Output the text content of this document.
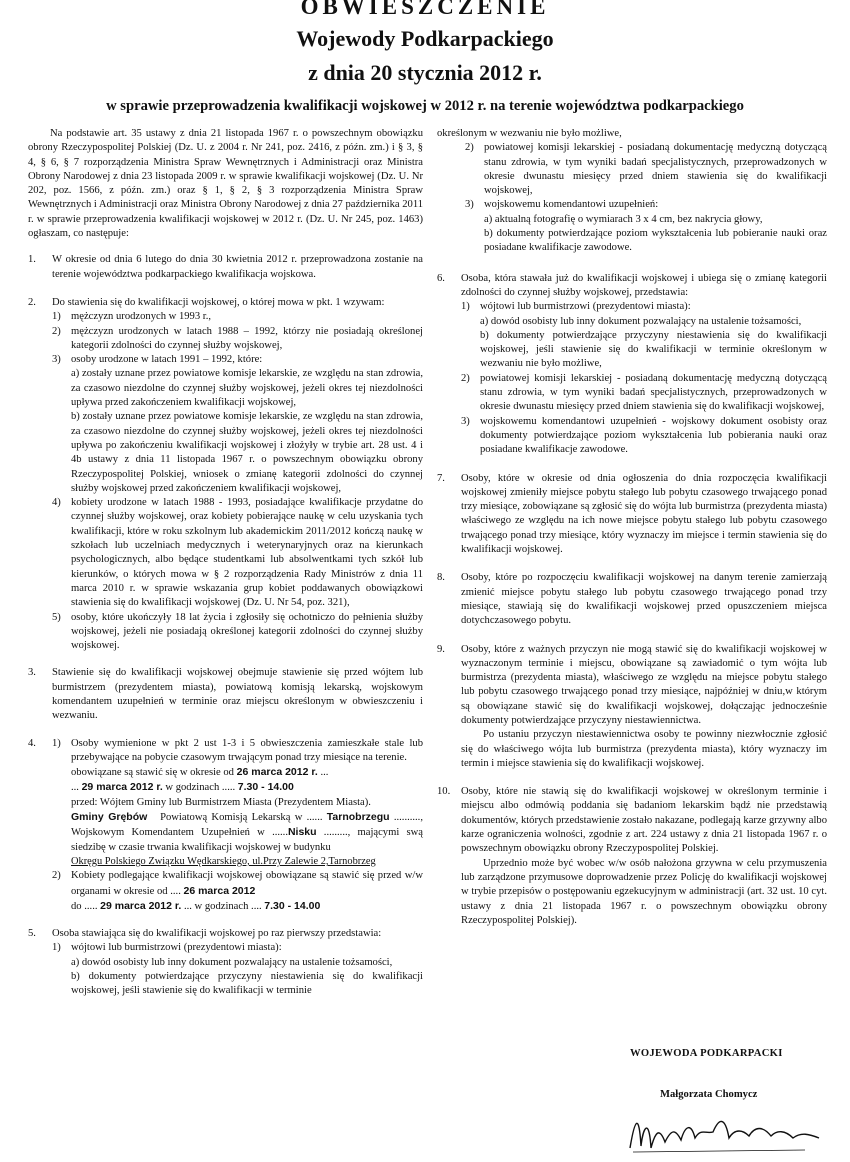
OBWIESZCZENIE
Wojewody Podkarpackiego
z dnia 20 stycznia 2012 r.
w sprawie przeprowadzenia kwalifikacji wojskowej w 2012 r. na terenie województwa podkarpackiego

Na podstawie art. 35 ustawy z dnia 21 listopada 1967 r. o powszechnym obowiązku obrony Rzeczypospolitej Polskiej (Dz. U. z 2004 r. Nr 241, poz. 2416, z późn. zm.) i § 3, § 4, § 6, § 7 rozporządzenia Ministra Spraw Wewnętrznych i Administracji oraz Ministra Obrony Narodowej z dnia 23 listopada 2009 r. w sprawie kwalifikacji wojskowej (Dz. U. Nr 202, poz. 1566, z późn. zm.) oraz § 1, § 2, § 3 rozporządzenia Ministra Spraw Wewnętrznych i Administracji oraz Ministra Obrony Narodowej z dnia 27 października 2011 r. w sprawie przeprowadzenia kwalifikacji wojskowej w 2012 r. (Dz. U. Nr 245, poz. 1463) ogłaszam, co następuje:

1.	W okresie od dnia 6 lutego do dnia 30 kwietnia 2012 r. przeprowadzona zostanie na terenie województwa podkarpackiego kwalifikacja wojskowa.
2.	Do stawienia się do kwalifikacji wojskowej, o której mowa w pkt. 1 wzywam:

1) mężczyzn urodzonych w 1993 r.,
2) mężczyzn urodzonych w latach 1988 – 1992, którzy nie posiadają określonej kategorii zdolności do czynnej służby wojskowej,
3) osoby urodzone w latach 1991 – 1992, które:

a) zostały uznane przez powiatowe komisje lekarskie, ze względu na stan zdrowia, za czasowo niezdolne do czynnej służby wojskowej, jeżeli okres tej niezdolności upływa przed zakończeniem kwalifikacji wojskowej,

b) zostały uznane przez powiatowe komisje lekarskie, ze względu na stan zdrowia, za czasowo niezdolne do czynnej służby wojskowej, jeżeli okres tej niezdolności upływa po zakończeniu kwalifikacji wojskowej i złożyły w trybie art. 28 ust. 4 i 4b ustawy z dnia 11 listopada 1967 r. o powszechnym obowiązku obrony Rzeczypospolitej Polskiej, wniosek o zmianę kategorii zdolności do czynnej służby wojskowej przed zakończeniem kwalifikacji wojskowej,

4) kobiety urodzone w latach 1988 - 1993, posiadające kwalifikacje przydatne do czynnej służby wojskowej, oraz kobiety pobierające naukę w celu uzyskania tych kwalifikacji, które w roku szkolnym lub akademickim 2011/2012 kończą naukę w szkołach lub uczelniach medycznych i weterynaryjnych oraz na kierunkach psychologicznych, albo będące studentkami lub absolwentkami tych szkół lub kierunków, o których mowa w § 2 rozporządzenia Rady Ministrów z dnia 11 marca 2010 r. w sprawie wskazania grup kobiet poddawanych obowiązkowi stawienia się do kwalifikacji wojskowej (Dz. U. Nr 54, poz. 321),
5) osoby, które ukończyły 18 lat życia i zgłosiły się ochotniczo do pełnienia służby wojskowej, jeżeli nie posiadają określonej kategorii zdolności do czynnej służby wojskowej.
3.	Stawienie się do kwalifikacji wojskowej obejmuje stawienie się przed wójtem lub burmistrzem (prezydentem miasta), powiatową komisją lekarską, wojskowym komendantem uzupełnień w terminie oraz miejscu określonym w obwieszczeniu i wezwaniu.
4.	1) Osoby wymienione w pkt 2 ust 1-3 i 5 obwieszczenia zamieszkałe stale lub przebywające na pobycie czasowym trwającym ponad trzy miesiące na terenie.

obowiązane są stawić się w okresie od 26 marca 2012 r. ...

... 29 marca 2012 r. w godzinach ..... 7.30 - 14.00

przed: Wójtem Gminy lub Burmistrzem Miasta (Prezydentem Miasta).

Gminy Grębów Powiatową Komisją Lekarską w ...... Tarnobrzegu .........., Wojskowym Komendantem Uzupełnień w ......Nisku ........., mającymi swą siedzibę w czasie trwania kwalifikacji wojskowej w budynku

Okręgu Polskiego Związku Wędkarskiego, ul.Przy Zalewie 2,Tarnobrzeg

2) Kobiety podlegające kwalifikacji wojskowej obowiązane są stawić się przed w/w organami w okresie od .... 26 marca 2012

do ..... 29 marca 2012 r. ... w godzinach .... 7.30 - 14.00

5.	Osoba stawiająca się do kwalifikacji wojskowej po raz pierwszy przedstawia:

1) wójtowi lub burmistrzowi (prezydentowi miasta):

a) dowód osobisty lub inny dokument pozwalający na ustalenie tożsamości,

b) dokumenty potwierdzające przyczyny niestawienia się do kwalifikacji wojskowej, jeśli stawienie się do kwalifikacji w terminie

określonym w wezwaniu nie było możliwe,

2) powiatowej komisji lekarskiej - posiadaną dokumentację medyczną dotyczącą stanu zdrowia, w tym wyniki badań specjalistycznych, przeprowadzonych w okresie dwunastu miesięcy przed dniem stawienia się do kwalifikacji wojskowej,
3) wojskowemu komendantowi uzupełnień:

a) aktualną fotografię o wymiarach 3 x 4 cm, bez nakrycia głowy,

b) dokumenty potwierdzające poziom wykształcenia lub pobieranie nauki oraz posiadane kwalifikacje zawodowe.

6.	Osoba, która stawała już do kwalifikacji wojskowej i ubiega się o zmianę kategorii zdolności do czynnej służby wojskowej, przedstawia:

1) wójtowi lub burmistrzowi (prezydentowi miasta):

a) dowód osobisty lub inny dokument pozwalający na ustalenie tożsamości,

b) dokumenty potwierdzające przyczyny niestawienia się do kwalifikacji wojskowej, jeśli stawienie się do kwalifikacji w terminie określonym w wezwaniu nie było możliwe,

2) powiatowej komisji lekarskiej - posiadaną dokumentację medyczną dotyczącą stanu zdrowia, w tym wyniki badań specjalistycznych, przeprowadzonych w okresie dwunastu miesięcy przed dniem stawienia się do kwalifikacji wojskowej,
3) wojskowemu komendantowi uzupełnień - wojskowy dokument osobisty oraz dokumenty potwierdzające poziom wykształcenia lub pobierania nauki oraz posiadane kwalifikacje zawodowe.
7.	Osoby, które w okresie od dnia ogłoszenia do dnia rozpoczęcia kwalifikacji wojskowej zmieniły miejsce pobytu stałego lub pobytu czasowego trwającego ponad trzy miesiące, zobowiązane są zgłosić się do wójta lub burmistrza (prezydenta miasta) właściwego ze względu na ich nowe miejsce pobytu stałego lub pobytu czasowego trwającego ponad trzy miesiące, który wyznaczy im miejsce i termin stawienia się do kwalifikacji wojskowej.
8.	Osoby, które po rozpoczęciu kwalifikacji wojskowej na danym terenie zamierzają zmienić miejsce pobytu stałego lub pobytu czasowego trwającego ponad trzy miesiące, stawiają się do kwalifikacji wojskowej przed opuszczeniem miejsca dotychczasowego pobytu.
9.	Osoby, które z ważnych przyczyn nie mogą stawić się do kwalifikacji wojskowej w wyznaczonym terminie i miejscu, obowiązane są zawiadomić o tym wójta lub burmistrza (prezydenta miasta), właściwego ze względu na miejsce pobytu stałego lub pobytu czasowego trwającego ponad trzy miesiące, najpóźniej w dniu,w którym są obowiązane stawić się do kwalifikacji wojskowej, dołączając jednocześnie dokumenty potwierdzające przyczyny niestawiennictwa.

Po ustaniu przyczyn niestawiennictwa osoby te powinny niezwłocznie zgłosić się do właściwego wójta lub burmistrza (prezydenta miasta), który wyznaczy im termin i miejsce stawienia się do kwalifikacji wojskowej.

10.	Osoby, które nie stawią się do kwalifikacji wojskowej w określonym terminie i miejscu albo odmówią poddania się badaniom lekarskim bądź nie przedstawią dokumentów, których przedstawienie zostało nakazane, podlegają karze grzywny albo karze ograniczenia wolności, zgodnie z art. 224 ustawy z dnia 21 listopada 1967 r. o powszechnym obowiązku obrony Rzeczypospolitej Polskiej.

Uprzednio może być wobec w/w osób nałożona grzywna w celu przymuszenia lub zarządzone przymusowe doprowadzenie przez Policję do kwalifikacji wojskowej w trybie przepisów o postępowaniu egzekucyjnym w administracji (art. 32 ust. 10 cyt. ustawy z dnia 21 listopada 1967 r. o powszechnym obowiązku obrony Rzeczypospolitej Polskiej).

WOJEWODA PODKARPACKI
Małgorzata Chomycz
